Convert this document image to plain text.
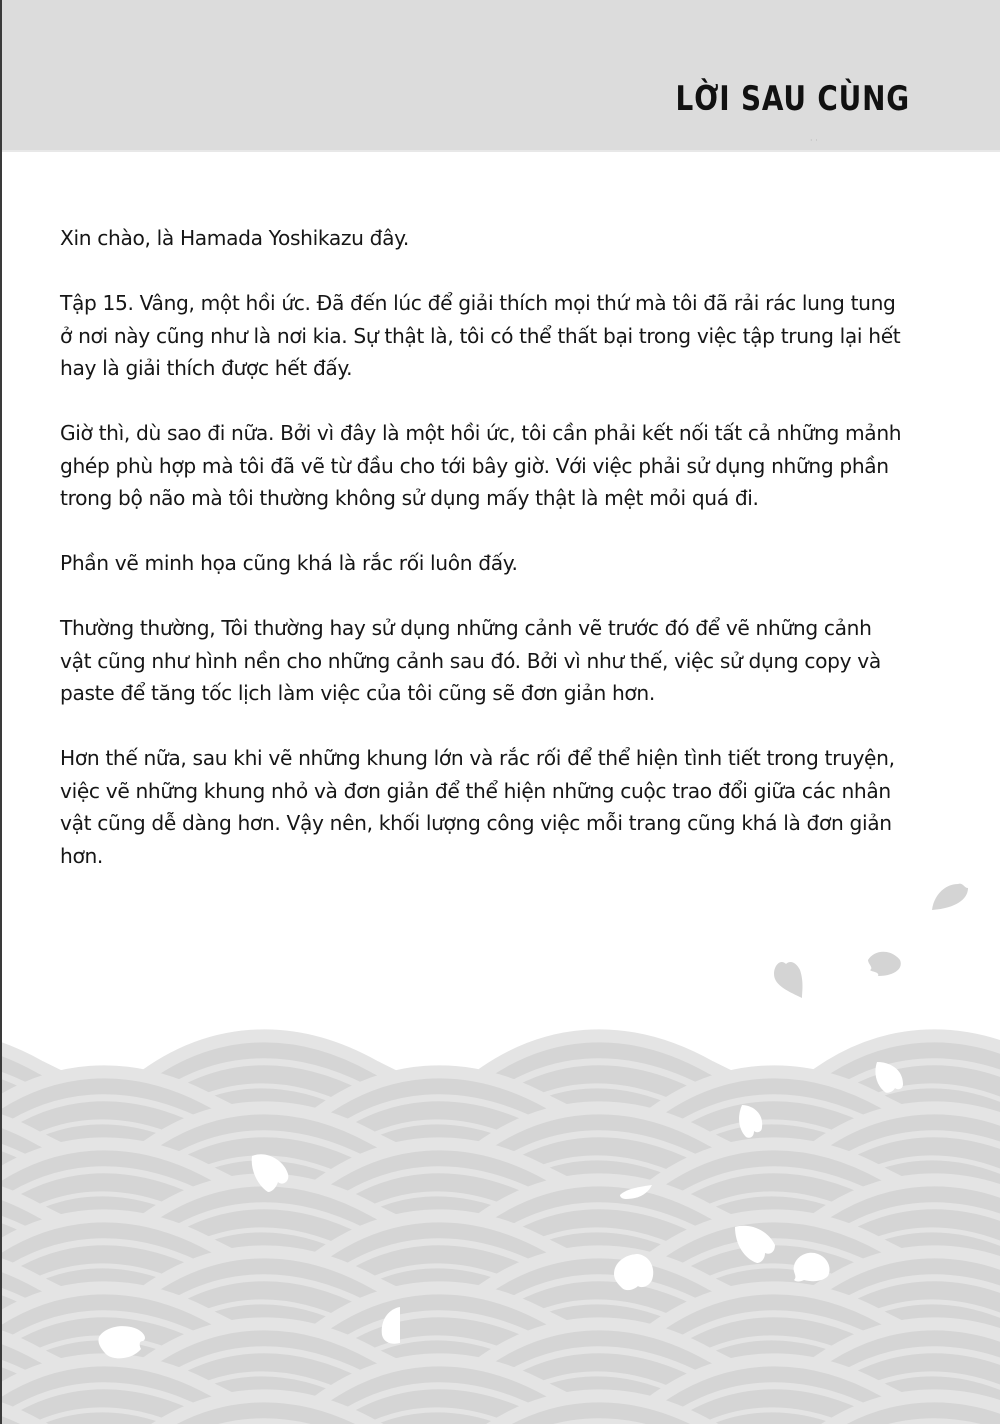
LỜI SAU CÙNG
· ·

Xin chào, là Hamada Yoshikazu đây.

Tập 15. Vâng, một hồi ức. Đã đến lúc để giải thích mọi thứ mà tôi đã rải rác lung tung
ở nơi này cũng như là nơi kia. Sự thật là, tôi có thể thất bại trong việc tập trung lại hết
hay là giải thích được hết đấy.

Giờ thì, dù sao đi nữa. Bởi vì đây là một hồi ức, tôi cần phải kết nối tất cả những mảnh
ghép phù hợp mà tôi đã vẽ từ đầu cho tới bây giờ. Với việc phải sử dụng những phần
trong bộ não mà tôi thường không sử dụng mấy thật là mệt mỏi quá đi.

Phần vẽ minh họa cũng khá là rắc rối luôn đấy.

Thường thường, Tôi thường hay sử dụng những cảnh vẽ trước đó để vẽ những cảnh
vật cũng như hình nền cho những cảnh sau đó. Bởi vì như thế, việc sử dụng copy và
paste để tăng tốc lịch làm việc của tôi cũng sẽ đơn giản hơn.

Hơn thế nữa, sau khi vẽ những khung lớn và rắc rối để thể hiện tình tiết trong truyện,
việc vẽ những khung nhỏ và đơn giản để thể hiện những cuộc trao đổi giữa các nhân
vật cũng dễ dàng hơn. Vậy nên, khối lượng công việc mỗi trang cũng khá là đơn giản
hơn.
